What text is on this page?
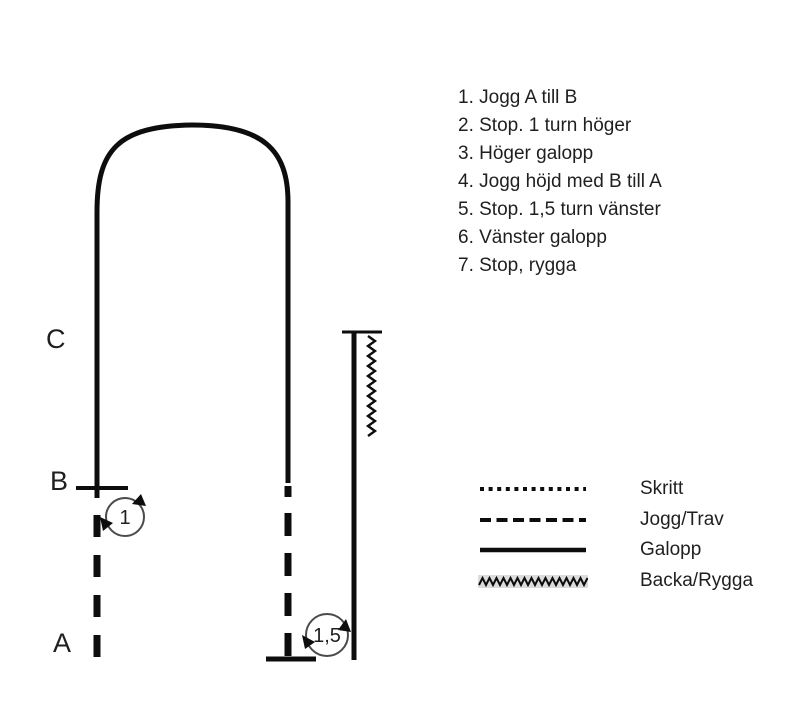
1
1,5
C
B
A
1. Jogg A till B
2. Stop. 1 turn höger
3. Höger galopp
4. Jogg höjd med B till A
5. Stop. 1,5 turn vänster
6. Vänster galopp
7. Stop, rygga
Skritt
Jogg/Trav
Galopp
Backa/Rygga
